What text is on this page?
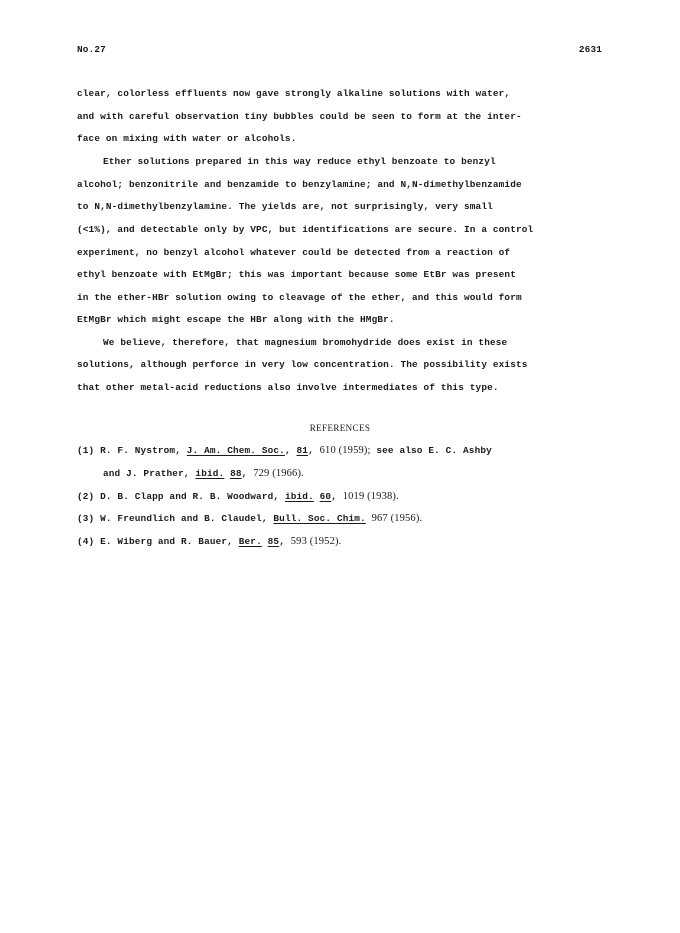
No.27	2631
clear, colorless effluents now gave strongly alkaline solutions with water,
and with careful observation tiny bubbles could be seen to form at the inter-
face on mixing with water or alcohols.
Ether solutions prepared in this way reduce ethyl benzoate to benzyl
alcohol; benzonitrile and benzamide to benzylamine; and N,N-dimethylbenzamide
to N,N-dimethylbenzylamine. The yields are, not surprisingly, very small
(<1%), and detectable only by VPC, but identifications are secure. In a control
experiment, no benzyl alcohol whatever could be detected from a reaction of
ethyl benzoate with EtMgBr; this was important because some EtBr was present
in the ether-HBr solution owing to cleavage of the ether, and this would form
EtMgBr which might escape the HBr along with the HMgBr.
We believe, therefore, that magnesium bromohydride does exist in these
solutions, although perforce in very low concentration. The possibility exists
that other metal-acid reductions also involve intermediates of this type.
REFERENCES
(1) R. F. Nystrom, J. Am. Chem. Soc., 81, 610 (1959); see also E. C. Ashby
and J. Prather, ibid. 88, 729 (1966).
(2) D. B. Clapp and R. B. Woodward, ibid. 60, 1019 (1938).
(3) W. Freundlich and B. Claudel, Bull. Soc. Chim. 967 (1956).
(4) E. Wiberg and R. Bauer, Ber. 85, 593 (1952).
